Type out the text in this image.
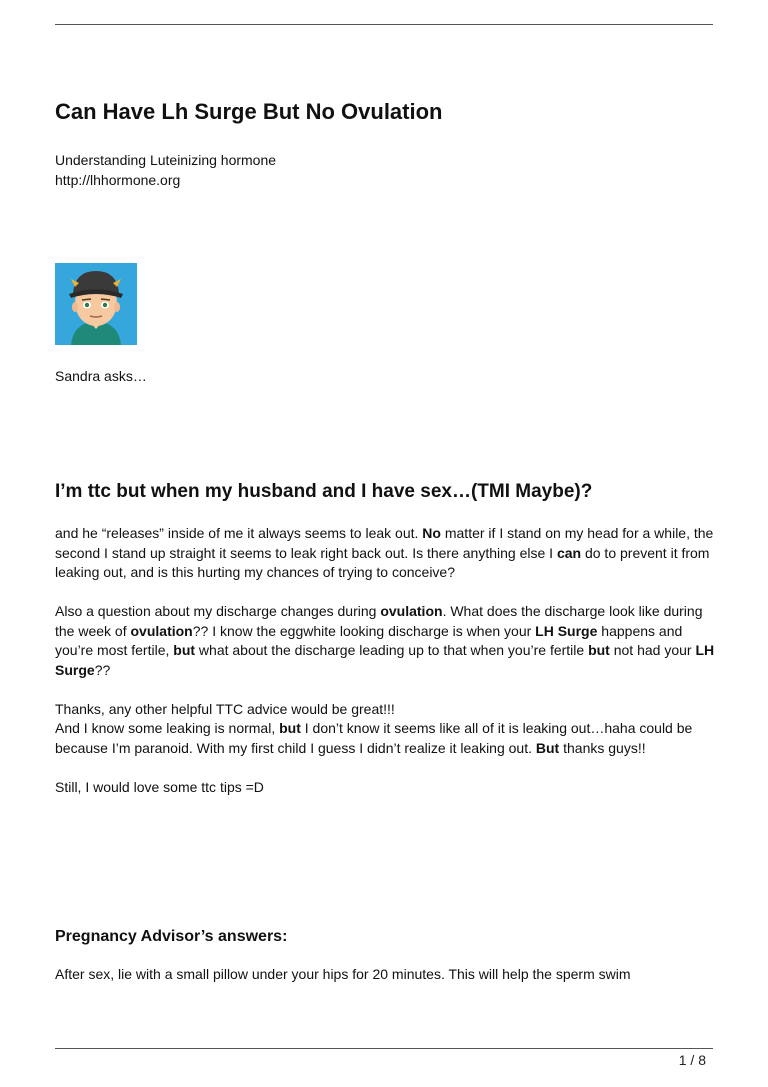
Can Have Lh Surge But No Ovulation
Understanding Luteinizing hormone
http://lhhormone.org
Sandra asks…
I’m ttc but when my husband and I have sex…(TMI Maybe)?

and he “releases” inside of me it always seems to leak out. No matter if I stand on my head for a while, the second I stand up straight it seems to leak right back out. Is there anything else I can do to prevent it from leaking out, and is this hurting my chances of trying to conceive?

Also a question about my discharge changes during ovulation. What does the discharge look like during the week of ovulation?? I know the eggwhite looking discharge is when your LH Surge happens and you’re most fertile, but what about the discharge leading up to that when you’re fertile but not had your LH Surge??

Thanks, any other helpful TTC advice would be great!!!
And I know some leaking is normal, but I don’t know it seems like all of it is leaking out…haha could be because I’m paranoid. With my first child I guess I didn’t realize it leaking out. But thanks guys!!

Still, I would love some ttc tips =D

Pregnancy Advisor’s answers:
After sex, lie with a small pillow under your hips for 20 minutes. This will help the sperm swim
1 / 8
